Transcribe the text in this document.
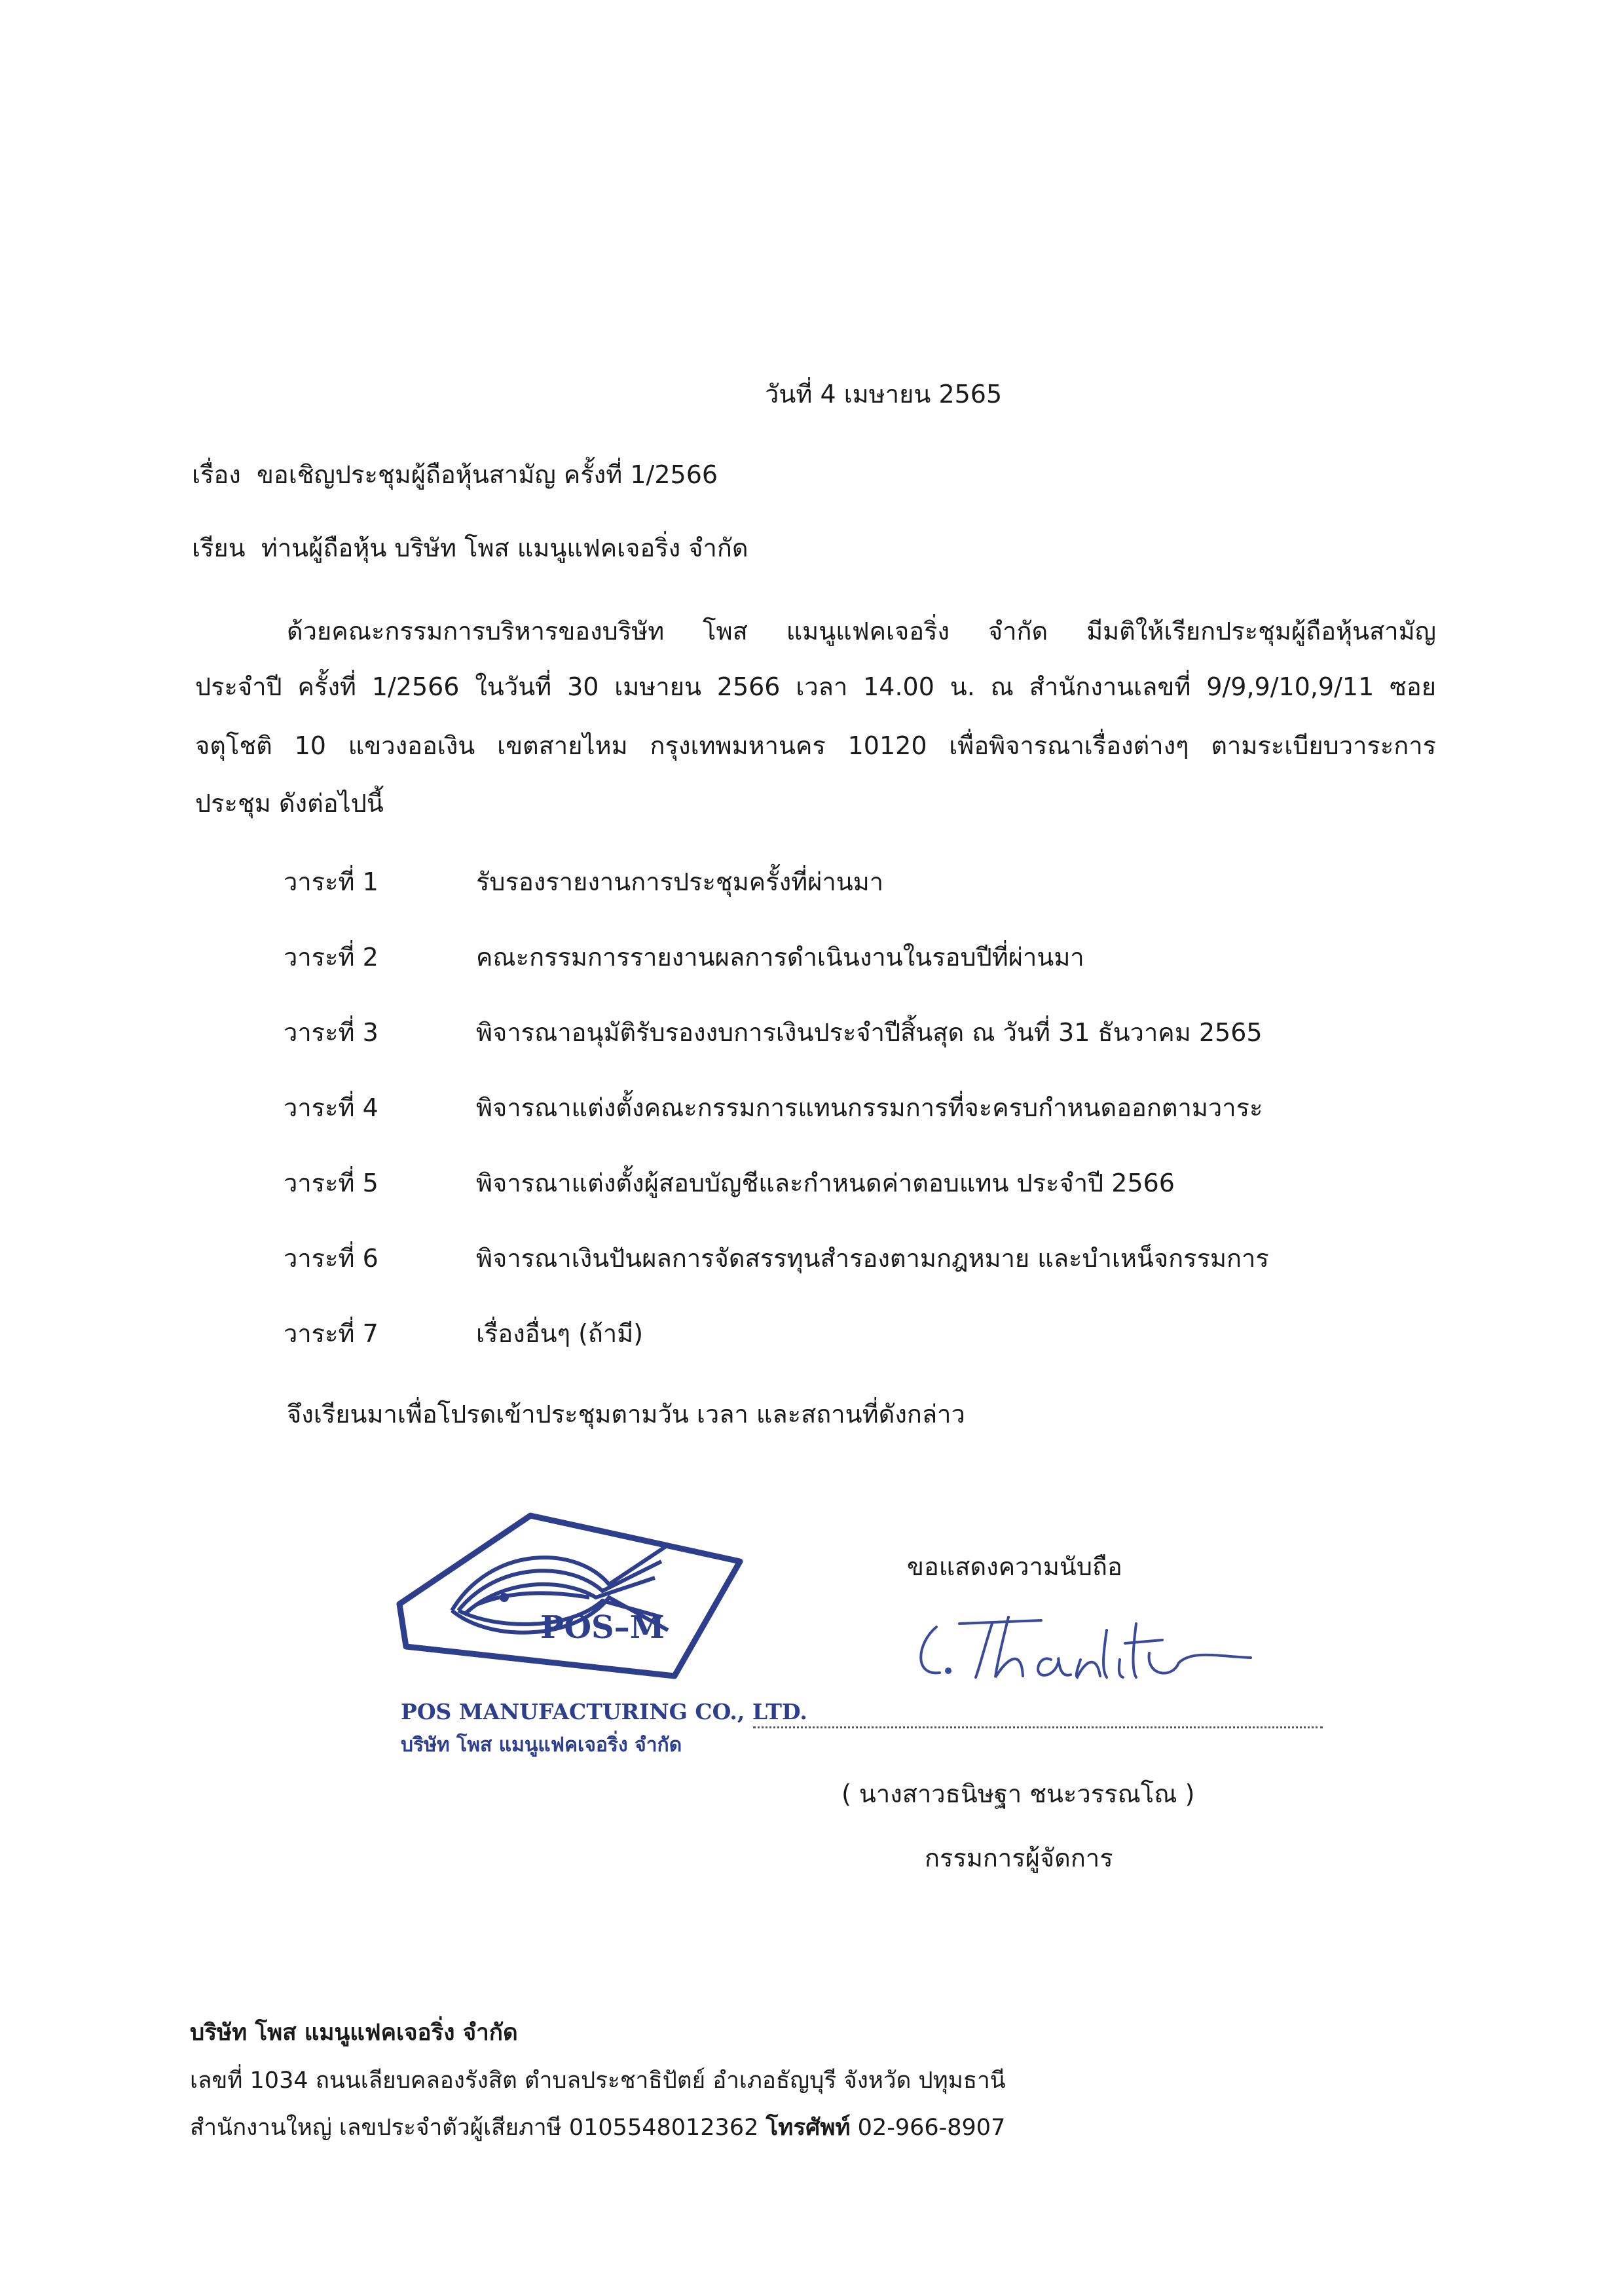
วันที่ 4 เมษายน 2565
เรื่อง ขอเชิญประชุมผู้ถือหุ้นสามัญ ครั้งที่ 1/2566
เรียน ท่านผู้ถือหุ้น บริษัท โพส แมนูแฟคเจอริ่ง จำกัด
ด้วยคณะกรรมการบริหารของบริษัท โพส แมนูแฟคเจอริ่ง จำกัด มีมติให้เรียกประชุมผู้ถือหุ้นสามัญ
ประจำปี ครั้งที่ 1/2566 ในวันที่ 30 เมษายน 2566 เวลา 14.00 น. ณ สำนักงานเลขที่ 9/9,9/10,9/11 ซอย
จตุโชติ 10 แขวงออเงิน เขตสายไหม กรุงเทพมหานคร 10120 เพื่อพิจารณาเรื่องต่างๆ ตามระเบียบวาระการ
ประชุม ดังต่อไปนี้
วาระที่ 1	รับรองรายงานการประชุมครั้งที่ผ่านมา
วาระที่ 2	คณะกรรมการรายงานผลการดำเนินงานในรอบปีที่ผ่านมา
วาระที่ 3	พิจารณาอนุมัติรับรองงบการเงินประจำปีสิ้นสุด ณ วันที่ 31 ธันวาคม 2565
วาระที่ 4	พิจารณาแต่งตั้งคณะกรรมการแทนกรรมการที่จะครบกำหนดออกตามวาระ
วาระที่ 5	พิจารณาแต่งตั้งผู้สอบบัญชีและกำหนดค่าตอบแทน ประจำปี 2566
วาระที่ 6	พิจารณาเงินปันผลการจัดสรรทุนสำรองตามกฎหมาย และบำเหน็จกรรมการ
วาระที่ 7	เรื่องอื่นๆ (ถ้ามี)
จึงเรียนมาเพื่อโปรดเข้าประชุมตามวัน เวลา และสถานที่ดังกล่าว
POS–M
POS MANUFACTURING CO., LTD.
บริษัท โพส แมนูแฟคเจอริ่ง จำกัด
ขอแสดงความนับถือ
( นางสาวธนิษฐา ชนะวรรณโณ )
กรรมการผู้จัดการ
บริษัท โพส แมนูแฟคเจอริ่ง จำกัด
เลขที่ 1034 ถนนเลียบคลองรังสิต ตำบลประชาธิปัตย์ อำเภอธัญบุรี จังหวัด ปทุมธานี
สำนักงานใหญ่ เลขประจำตัวผู้เสียภาษี 0105548012362 โทรศัพท์ 02-966-8907
